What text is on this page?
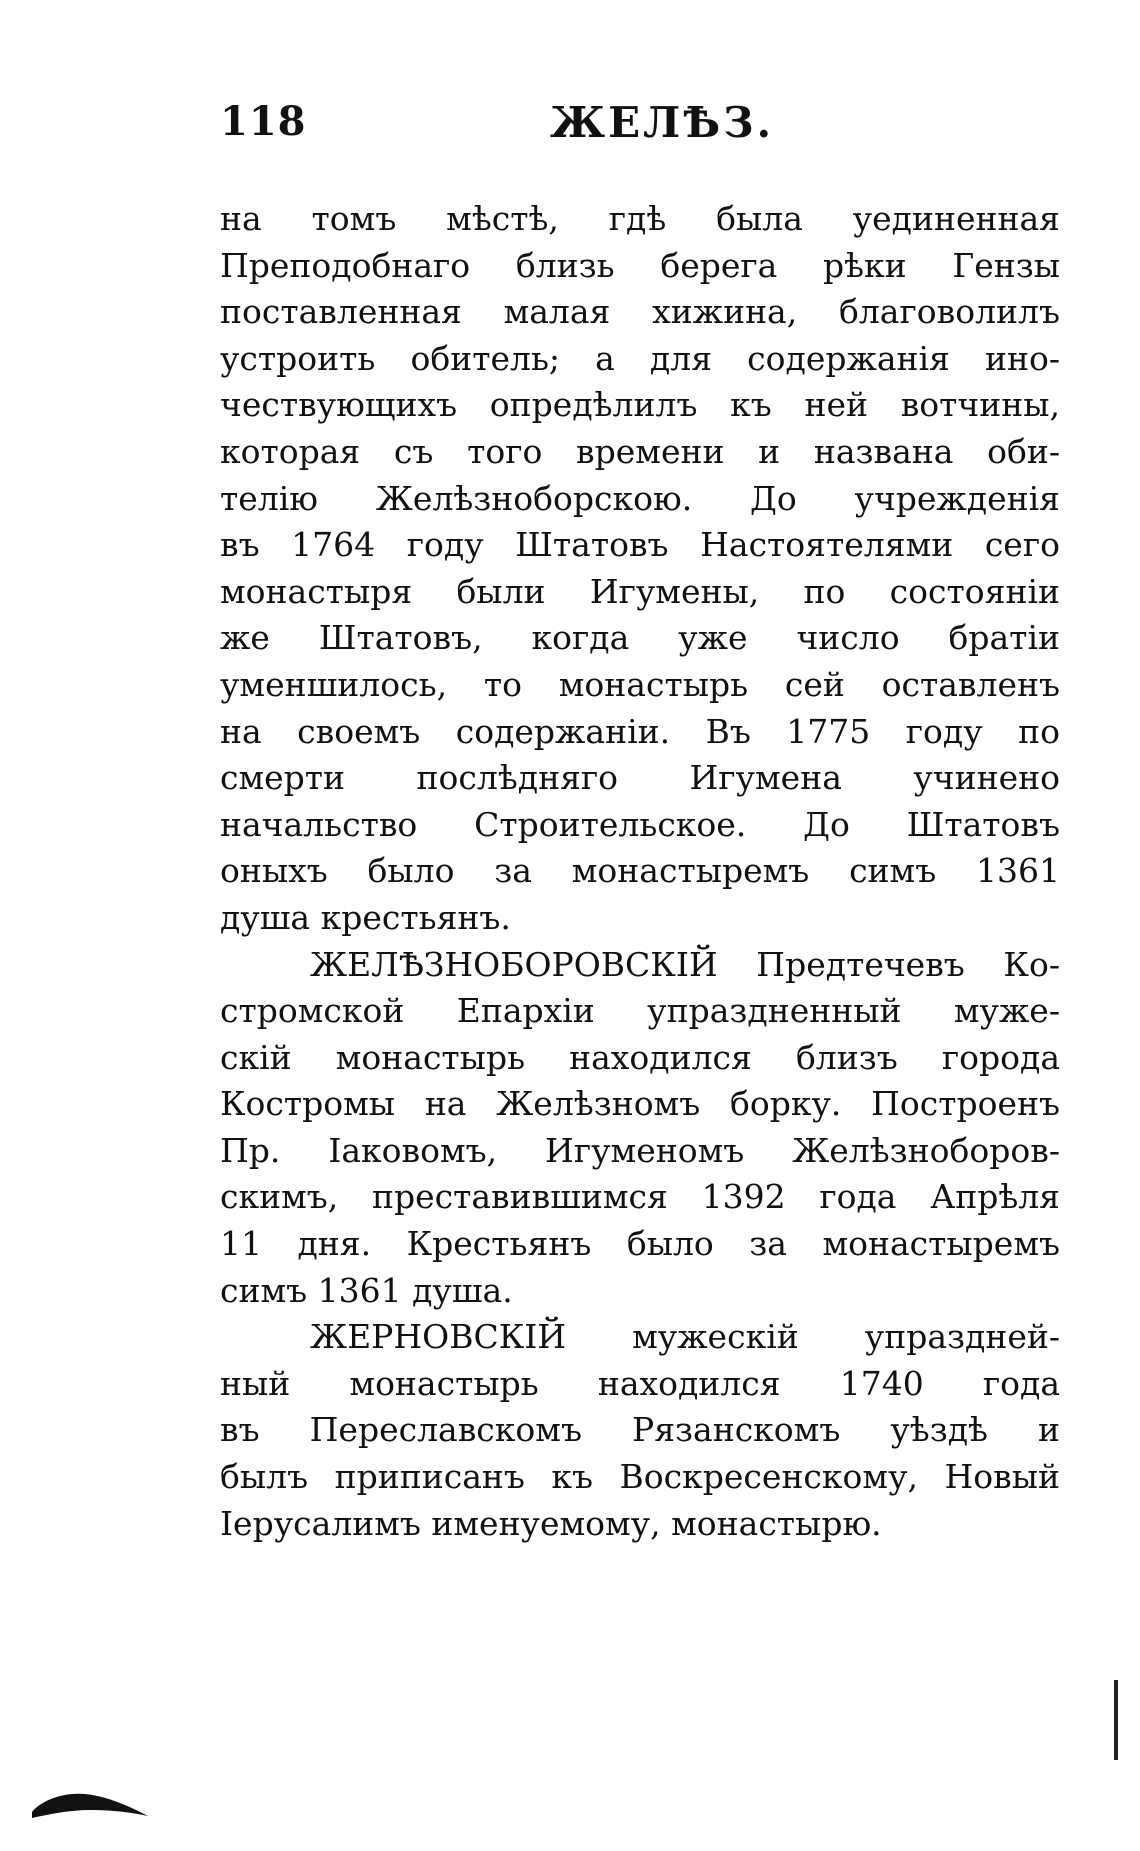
118	ЖЕЛѢЗ.
на томъ мѣстѣ, гдѣ была уединенная
Преподобнаго близь берега рѣки Гензы
поставленная малая хижина, благоволилъ
устроить обитель; а для содержанiя ино-
чествующихъ опредѣлилъ къ ней вотчины,
которая съ того времени и названа оби-
телiю Желѣзноборскою. До учрежденiя
въ 1764 году Штатовъ Настоятелями сего
монастыря были Игумены, по состоянiи
же Штатовъ, когда уже число братiи
уменшилось, то монастырь сей оставленъ
на своемъ содержанiи. Въ 1775 году по
смерти послѣдняго Игумена учинено
начальство Строительское. До Штатовъ
оныхъ было за монастыремъ симъ 1361
душа крестьянъ.
ЖЕЛѢЗНОБОРОВСКIЙ Предтечевъ Ко-
стромской Епархiи упраздненный муже-
скiй монастырь находился близъ города
Костромы на Желѣзномъ борку. Построенъ
Пр. Iаковомъ, Игуменомъ Желѣзноборов-
скимъ, преставившимся 1392 года Апрѣля
11 дня. Крестьянъ было за монастыремъ
симъ 1361 душа.
ЖЕРНОВСКIЙ мужескiй упраздней-
ный монастырь находился 1740 года
въ Переславскомъ Рязанскомъ уѣздѣ и
былъ приписанъ къ Воскресенскому, Новый
Iерусалимъ именуемому, монастырю.
